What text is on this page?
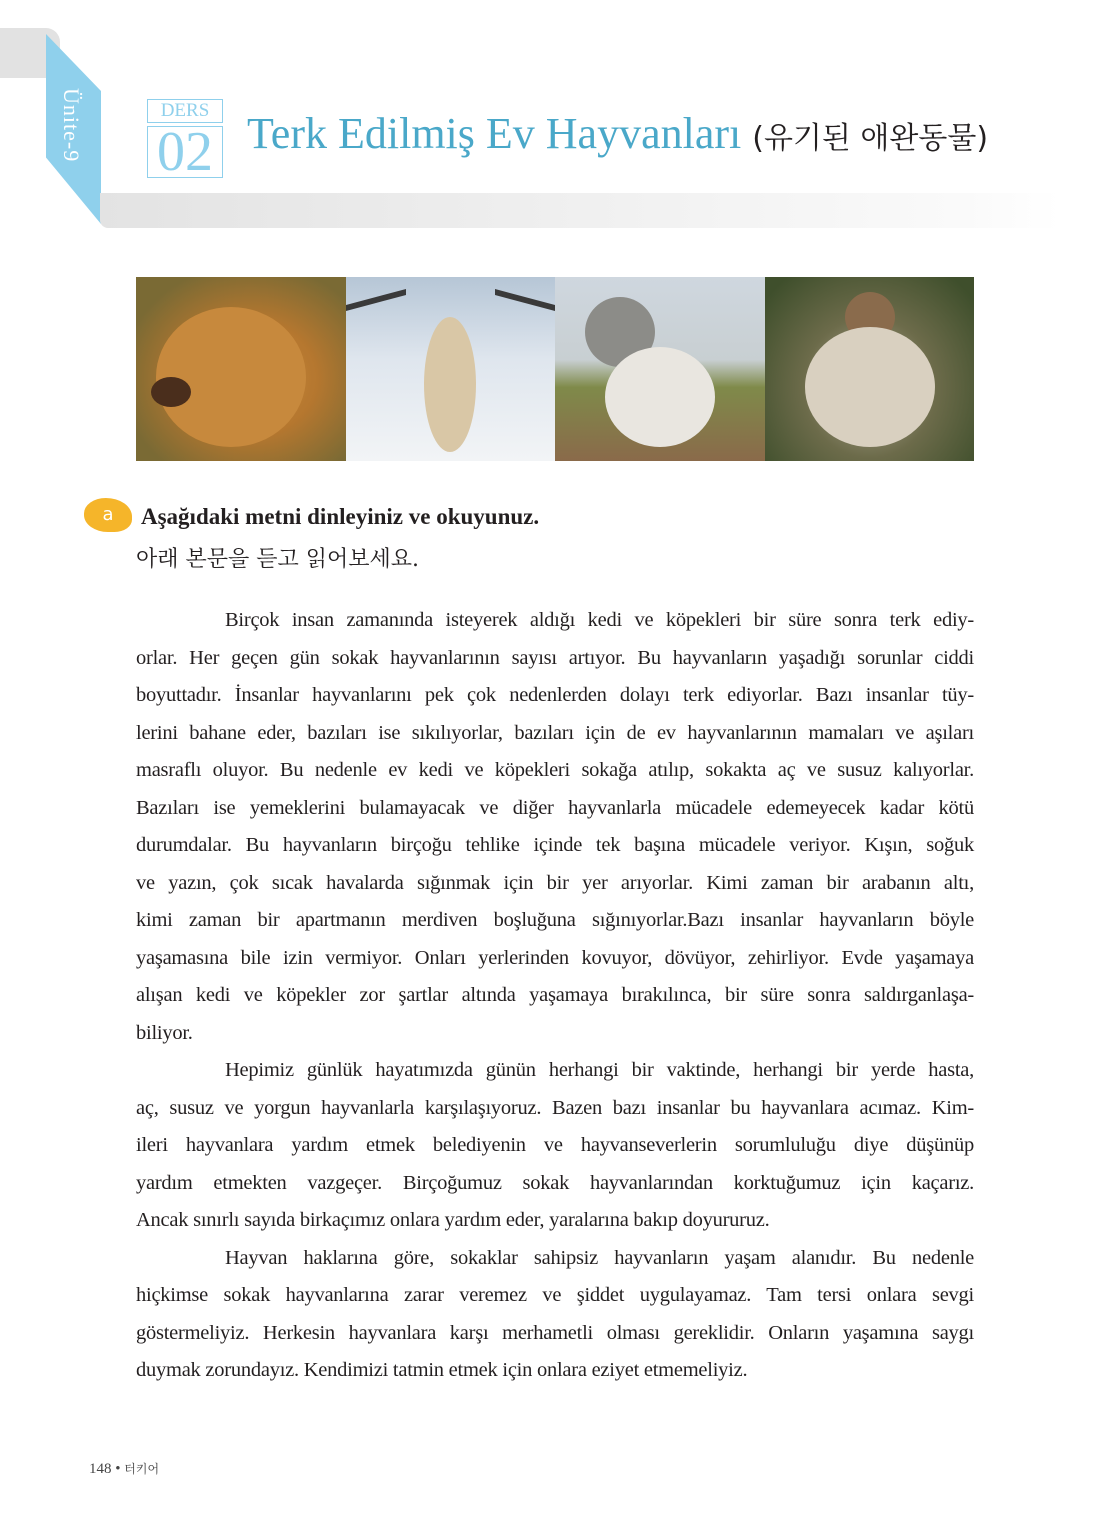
Ünite-9	DERS
02 Terk Edilmiş Ev Hayvanları (유기된 애완동물)
a	Aşağıdaki metni dinleyiniz ve okuyunuz.
아래 본문을 듣고 읽어보세요.
Birçok insan zamanında isteyerek aldığı kedi ve köpekleri bir süre sonra terk ediy-
orlar. Her geçen gün sokak hayvanlarının sayısı artıyor. Bu hayvanların yaşadığı sorunlar ciddi
boyuttadır. İnsanlar hayvanlarını pek çok nedenlerden dolayı terk ediyorlar. Bazı insanlar tüy-
lerini bahane eder, bazıları ise sıkılıyorlar, bazıları için de ev hayvanlarının mamaları ve aşıları
masraflı oluyor. Bu nedenle ev kedi ve köpekleri sokağa atılıp, sokakta aç ve susuz kalıyorlar.
Bazıları ise yemeklerini bulamayacak ve diğer hayvanlarla mücadele edemeyecek kadar kötü
durumdalar. Bu hayvanların birçoğu tehlike içinde tek başına mücadele veriyor. Kışın, soğuk
ve yazın, çok sıcak havalarda sığınmak için bir yer arıyorlar. Kimi zaman bir arabanın altı,
kimi zaman bir apartmanın merdiven boşluğuna sığınıyorlar.Bazı insanlar hayvanların böyle
yaşamasına bile izin vermiyor. Onları yerlerinden kovuyor, dövüyor, zehirliyor. Evde yaşamaya
alışan kedi ve köpekler zor şartlar altında yaşamaya bırakılınca, bir süre sonra saldırganlaşa-
biliyor.
Hepimiz günlük hayatımızda günün herhangi bir vaktinde, herhangi bir yerde hasta,
aç, susuz ve yorgun hayvanlarla karşılaşıyoruz. Bazen bazı insanlar bu hayvanlara acımaz. Kim-
ileri hayvanlara yardım etmek belediyenin ve hayvanseverlerin sorumluluğu diye düşünüp
yardım etmekten vazgeçer. Birçoğumuz sokak hayvanlarından korktuğumuz için kaçarız.
Ancak sınırlı sayıda birkaçımız onlara yardım eder, yaralarına bakıp doyururuz.
Hayvan haklarına göre, sokaklar sahipsiz hayvanların yaşam alanıdır. Bu nedenle
hiçkimse sokak hayvanlarına zarar veremez ve şiddet uygulayamaz. Tam tersi onlara sevgi
göstermeliyiz. Herkesin hayvanlara karşı merhametli olması gereklidir. Onların yaşamına saygı
duymak zorundayız. Kendimizi tatmin etmek için onlara eziyet etmemeliyiz.
148 • 터키어
